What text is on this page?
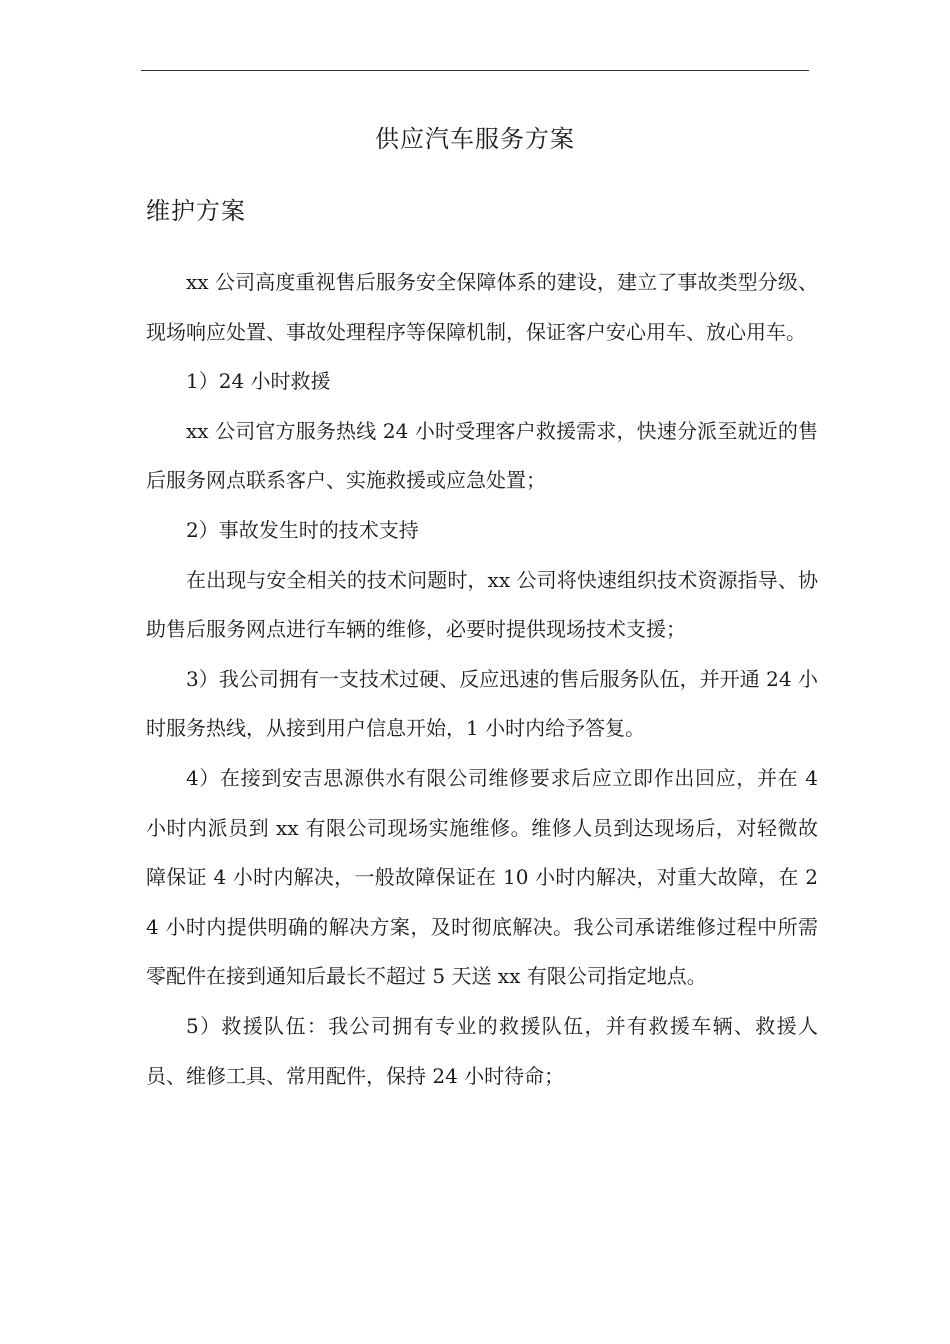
供应汽车服务方案
维护方案

xx 公司高度重视售后服务安全保障体系的建设，建立了事故类型分级、现场响应处置、事故处理程序等保障机制，保证客户安心用车、放心用车。

1）24 小时救援

xx 公司官方服务热线 24 小时受理客户救援需求，快速分派至就近的售后服务网点联系客户、实施救援或应急处置；

2）事故发生时的技术支持

在出现与安全相关的技术问题时，xx 公司将快速组织技术资源指导、协助售后服务网点进行车辆的维修，必要时提供现场技术支援；

3）我公司拥有一支技术过硬、反应迅速的售后服务队伍，并开通 24 小时服务热线，从接到用户信息开始，1 小时内给予答复。

4）在接到安吉思源供水有限公司维修要求后应立即作出回应，并在 4 小时内派员到 xx 有限公司现场实施维修。维修人员到达现场后，对轻微故障保证 4 小时内解决，一般故障保证在 10 小时内解决，对重大故障，在 24 小时内提供明确的解决方案，及时彻底解决。我公司承诺维修过程中所需零配件在接到通知后最长不超过 5 天送 xx 有限公司指定地点。

5）救援队伍：我公司拥有专业的救援队伍，并有救援车辆、救援人员、维修工具、常用配件，保持 24 小时待命；
